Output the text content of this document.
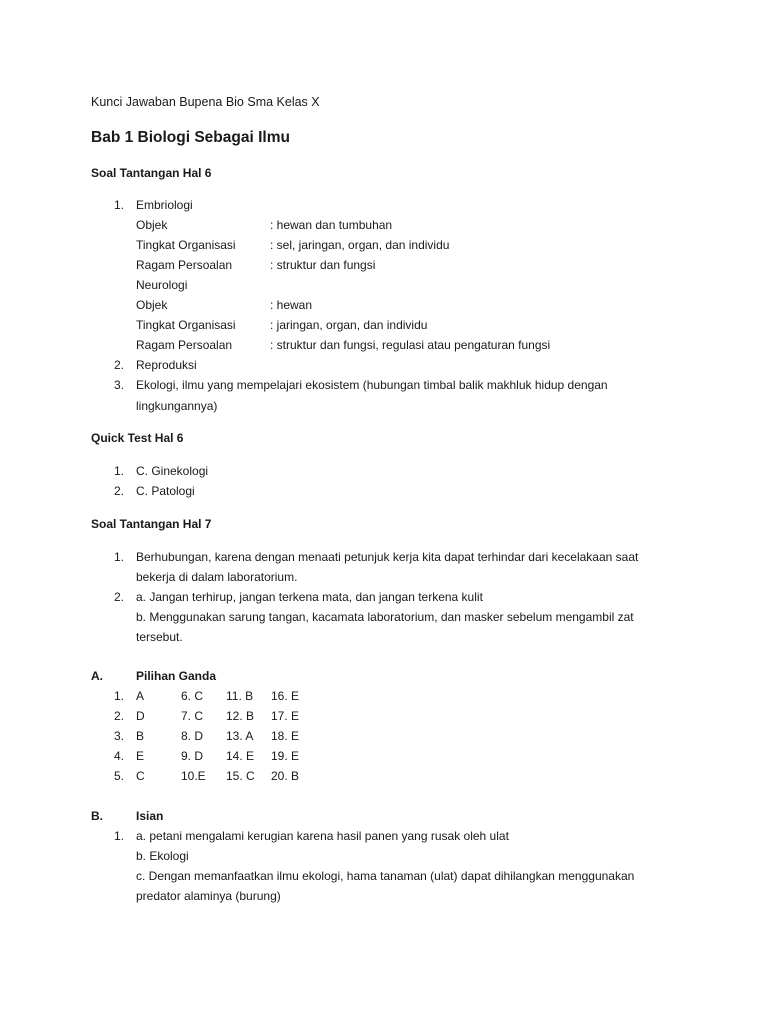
Kunci Jawaban Bupena Bio Sma Kelas X
Bab 1 Biologi Sebagai Ilmu
Soal Tantangan Hal 6
1. Embriologi
Objek	: hewan dan tumbuhan
Tingkat Organisasi	: sel, jaringan, organ, dan individu
Ragam Persoalan	: struktur dan fungsi
Neurologi
Objek	: hewan
Tingkat Organisasi	: jaringan, organ, dan individu
Ragam Persoalan	: struktur dan fungsi, regulasi atau pengaturan fungsi
2. Reproduksi
3. Ekologi, ilmu yang mempelajari ekosistem (hubungan timbal balik makhluk hidup dengan
lingkungannya)
Quick Test Hal 6
1. C. Ginekologi
2. C. Patologi
Soal Tantangan Hal 7
1. Berhubungan, karena dengan menaati petunjuk kerja kita dapat terhindar dari kecelakaan saat
bekerja di dalam laboratorium.
2. a. Jangan terhirup, jangan terkena mata, dan jangan terkena kulit
b. Menggunakan sarung tangan, kacamata laboratorium, dan masker sebelum mengambil zat
tersebut.
A.	Pilihan Ganda
1. A	6. C 11. B 16. E
2. D	7. C 12. B 17. E
3. B	8. D 13. A 18. E
4. E	9. D 14. E 19. E
5. C	10.E 15. C 20. B
B.	Isian
1. a. petani mengalami kerugian karena hasil panen yang rusak oleh ulat
b. Ekologi
c. Dengan memanfaatkan ilmu ekologi, hama tanaman (ulat) dapat dihilangkan menggunakan
predator alaminya (burung)
